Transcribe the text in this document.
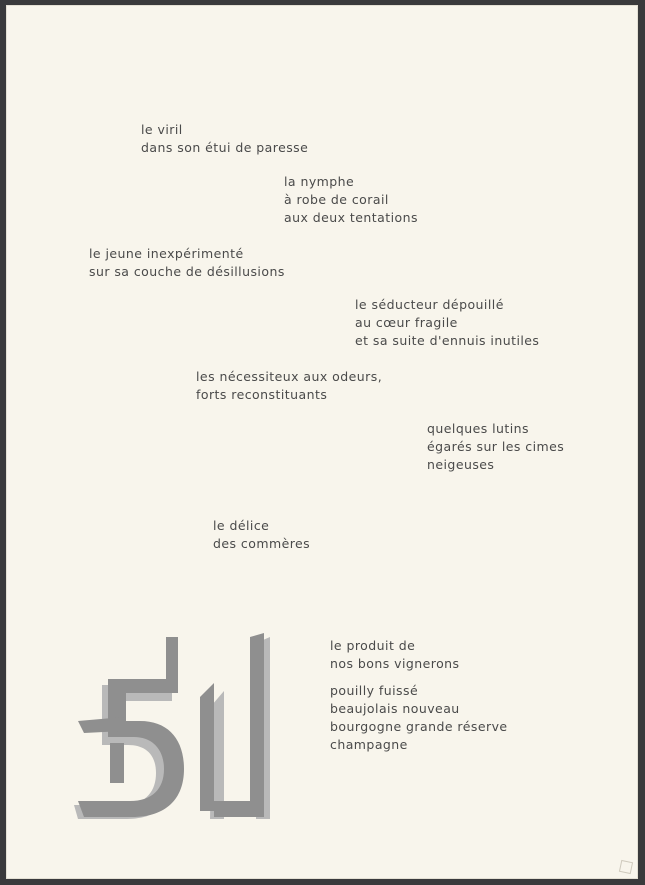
le viril
dans son étui de paresse

la nymphe
à robe de corail
aux deux tentations

le jeune inexpérimenté
sur sa couche de désillusions

le séducteur dépouillé
au cœur fragile
et sa suite d'ennuis inutiles

les nécessiteux aux odeurs,
forts reconstituants

quelques lutins
égarés sur les cimes
neigeuses

le délice
des commères

le produit de
nos bons vignerons

pouilly fuissé
beaujolais nouveau
bourgogne grande réserve
champagne
